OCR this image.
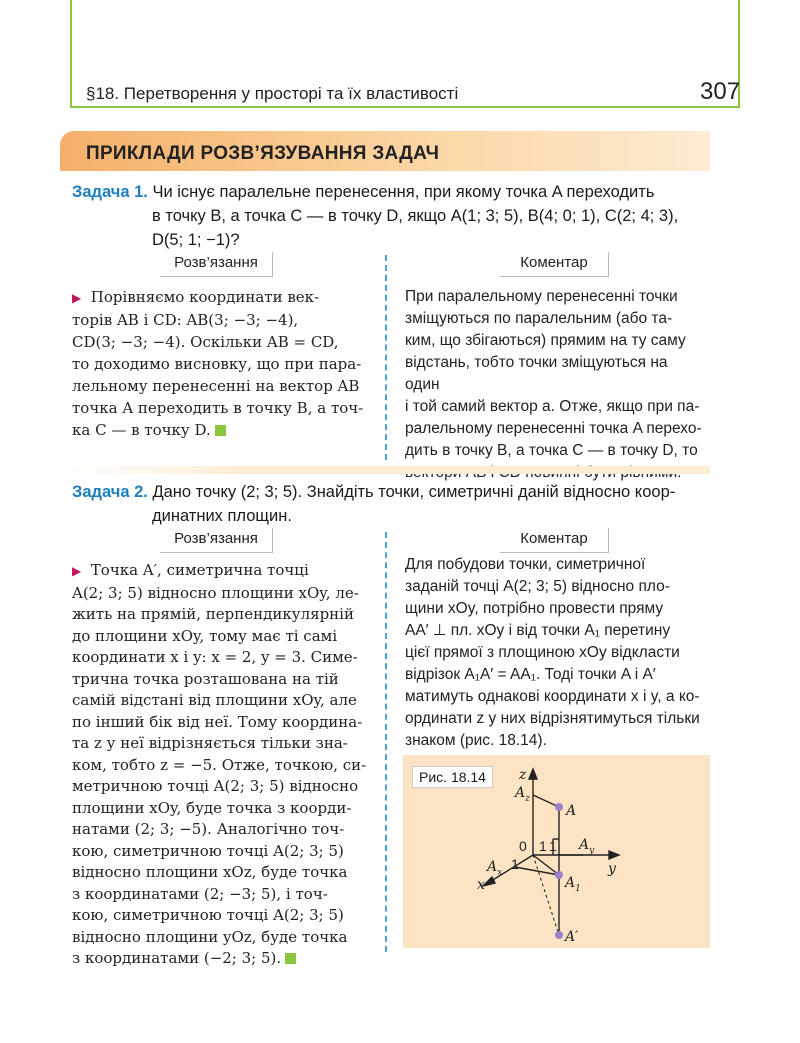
§18. Перетворення у просторі та їх властивості	307
ПРИКЛАДИ РОЗВ’ЯЗУВАННЯ ЗАДАЧ
Задача 1. Чи існує паралельне перенесення, при якому точка A переходить
в точку B, а точка C — в точку D, якщо A(1; 3; 5), B(4; 0; 1), C(2; 4; 3),
D(5; 1; −1)?
Розв’язання	Коментар
▶ Порівняємо координати век-
торів AB і CD: AB(3; −3; −4),
CD(3; −3; −4). Оскільки AB = CD,
то доходимо висновку, що при пара-
лельному перенесенні на вектор AB
точка A переходить в точку B, а точ-
ка C — в точку D.
При паралельному перенесенні точки
зміщуються по паралельним (або та-
ким, що збігаються) прямим на ту саму
відстань, тобто точки зміщуються на один
і той самий вектор a. Отже, якщо при па-
ралельному перенесенні точка A перехо-
дить в точку B, а точка C — в точку D, то
Задача 2. Дано точку (2; 3; 5). Знайдіть точки, симетричні даній відносно коор-
динатних площин.
Розв’язання	Коментар
▶ Точка A′, симетрична точці
A(2; 3; 5) відносно площини xOy, ле-
жить на прямій, перпендикулярній
до площини xOy, тому має ті самі
координати x і y: x = 2, y = 3. Симе-
трична точка розташована на тій
самій відстані від площини xOy, але
по інший бік від неї. Тому координа-
та z у неї відрізняється тільки зна-
ком, тобто z = −5. Отже, точкою, си-
метричною точці A(2; 3; 5) відносно
площини xOy, буде точка з коорди-
натами (2; 3; −5). Аналогічно точ-
кою, симетричною точці A(2; 3; 5)
відносно площини xOz, буде точка
з координатами (2; −3; 5), і точ-
кою, симетричною точці A(2; 3; 5)
відносно площини yOz, буде точка
з координатами (−2; 3; 5).
Для побудови точки, симетричної
заданій точці A(2; 3; 5) відносно пло-
щини xOy, потрібно провести пряму
AA′ ⊥ пл. xOy і від точки A₁ перетину
цієї прямої з площиною xOy відкласти
відрізок A₁A′ = AA₁. Тоді точки A і A′
матимуть однакові координати x і y, а ко-
ординати z у них відрізнятимуться тільки
знаком (рис. 18.14).
Рис. 18.14	z
y
x
$A_z$
A
$A_1$
A′
$A_y$
$A_x$
0 1 1
1
